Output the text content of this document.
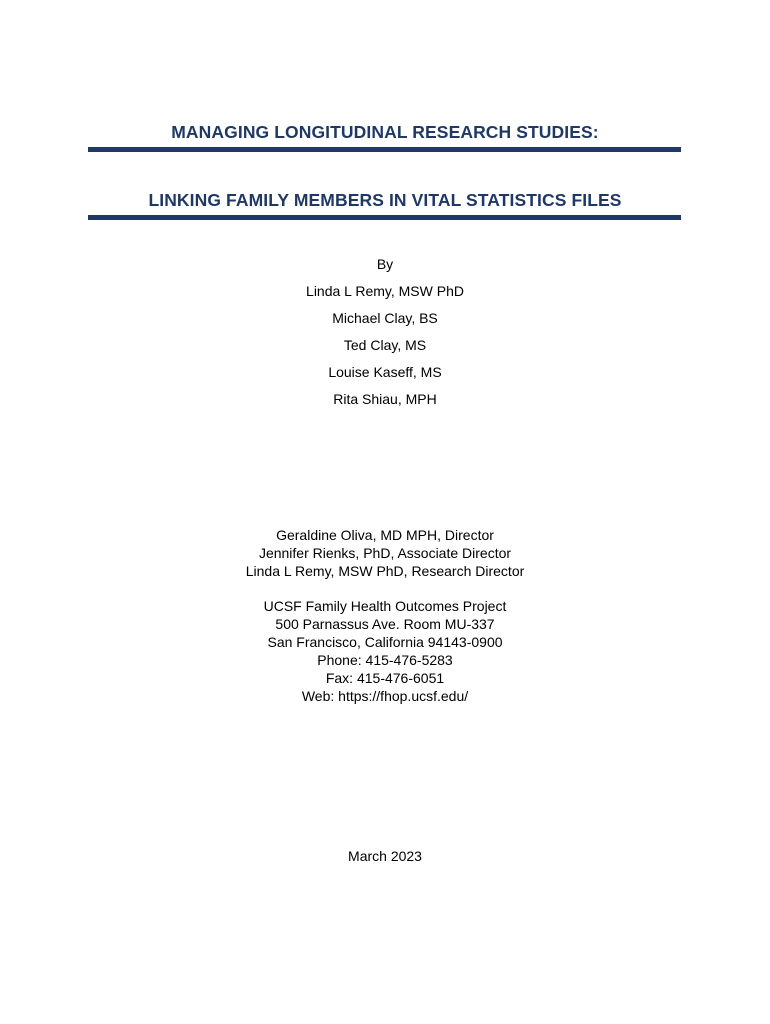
MANAGING LONGITUDINAL RESEARCH STUDIES:
LINKING FAMILY MEMBERS IN VITAL STATISTICS FILES
By
Linda L Remy, MSW PhD
Michael Clay, BS
Ted Clay, MS
Louise Kaseff, MS
Rita Shiau, MPH
Geraldine Oliva, MD MPH, Director
Jennifer Rienks, PhD, Associate Director
Linda L Remy, MSW PhD, Research Director
UCSF Family Health Outcomes Project
500 Parnassus Ave. Room MU-337
San Francisco, California 94143-0900
Phone: 415-476-5283
Fax: 415-476-6051
Web: https://fhop.ucsf.edu/
March 2023
